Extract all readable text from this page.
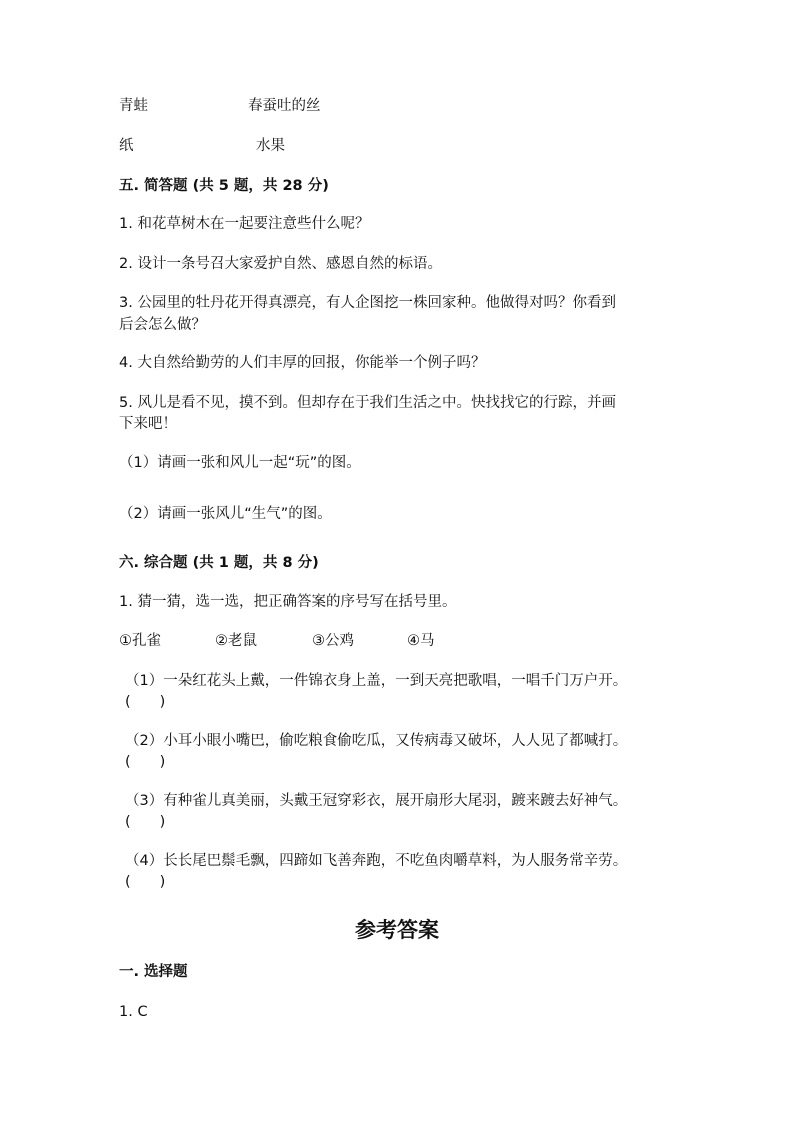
青蛙	春蚕吐的丝
纸	水果
五. 简答题 (共 5 题，共 28 分)
1. 和花草树木在一起要注意些什么呢？
2. 设计一条号召大家爱护自然、感恩自然的标语。
3. 公园里的牡丹花开得真漂亮，有人企图挖一株回家种。他做得对吗？你看到
后会怎么做？
4. 大自然给勤劳的人们丰厚的回报，你能举一个例子吗？
5. 风儿是看不见，摸不到。但却存在于我们生活之中。快找找它的行踪，并画
下来吧！
（1）请画一张和风儿一起“玩”的图。
（2）请画一张风儿“生气”的图。
六. 综合题 (共 1 题，共 8 分)
1. 猜一猜，选一选，把正确答案的序号写在括号里。
①孔雀	②老鼠	③公鸡	④马
（1）一朵红花头上戴，一件锦衣身上盖，一到天亮把歌唱，一唱千门万户开。
(　　)
（2）小耳小眼小嘴巴，偷吃粮食偷吃瓜，又传病毒又破坏，人人见了都喊打。
(　　)
（3）有种雀儿真美丽，头戴王冠穿彩衣，展开扇形大尾羽，踱来踱去好神气。
(　　)
（4）长长尾巴鬃毛飘，四蹄如飞善奔跑，不吃鱼肉嚼草料，为人服务常辛劳。
(　　)
参考答案
一. 选择题
1. C
